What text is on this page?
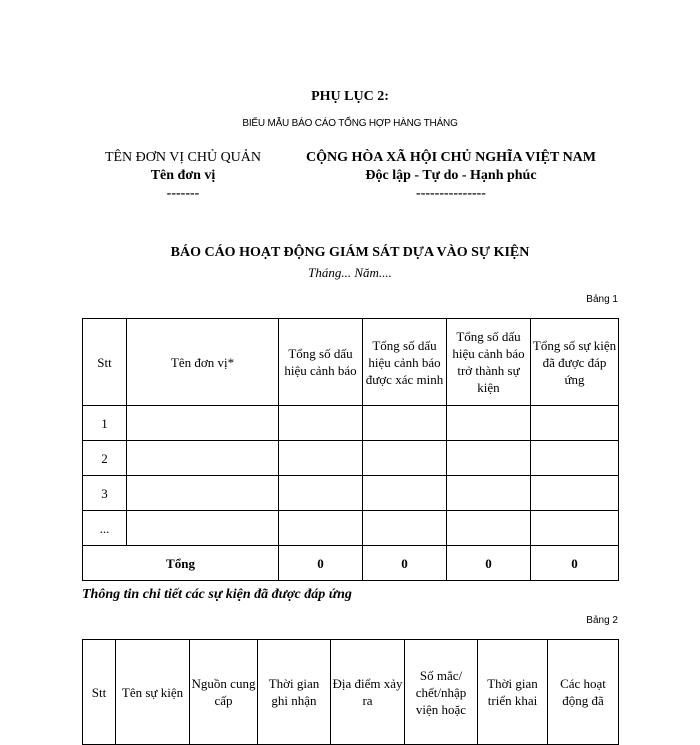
PHỤ LỤC 2:
BIỂU MẪU BÁO CÁO TỔNG HỢP HÀNG THÁNG
TÊN ĐƠN VỊ CHỦ QUẢN
Tên đơn vị
-------
CỘNG HÒA XÃ HỘI CHỦ NGHĨA VIỆT NAM
Độc lập - Tự do - Hạnh phúc
---------------
BÁO CÁO HOẠT ĐỘNG GIÁM SÁT DỰA VÀO SỰ KIỆN
Tháng... Năm....
Bảng 1
Stt	Tên đơn vị*	Tổng số dấu hiệu cảnh báo	Tổng số dấu hiệu cảnh báo được xác minh	Tổng số dấu hiệu cảnh báo trở thành sự kiện	Tổng số sự kiện đã được đáp ứng
1					
2					
3					
...					
Tổng		0	0	0	0
Thông tin chi tiết các sự kiện đã được đáp ứng
Bảng 2
Stt	Tên sự kiện	Nguồn cung cấp	Thời gian ghi nhận	Địa điểm xảy ra	Số mắc/ chết/nhập viện hoặc	Thời gian triển khai	Các hoạt động đã
